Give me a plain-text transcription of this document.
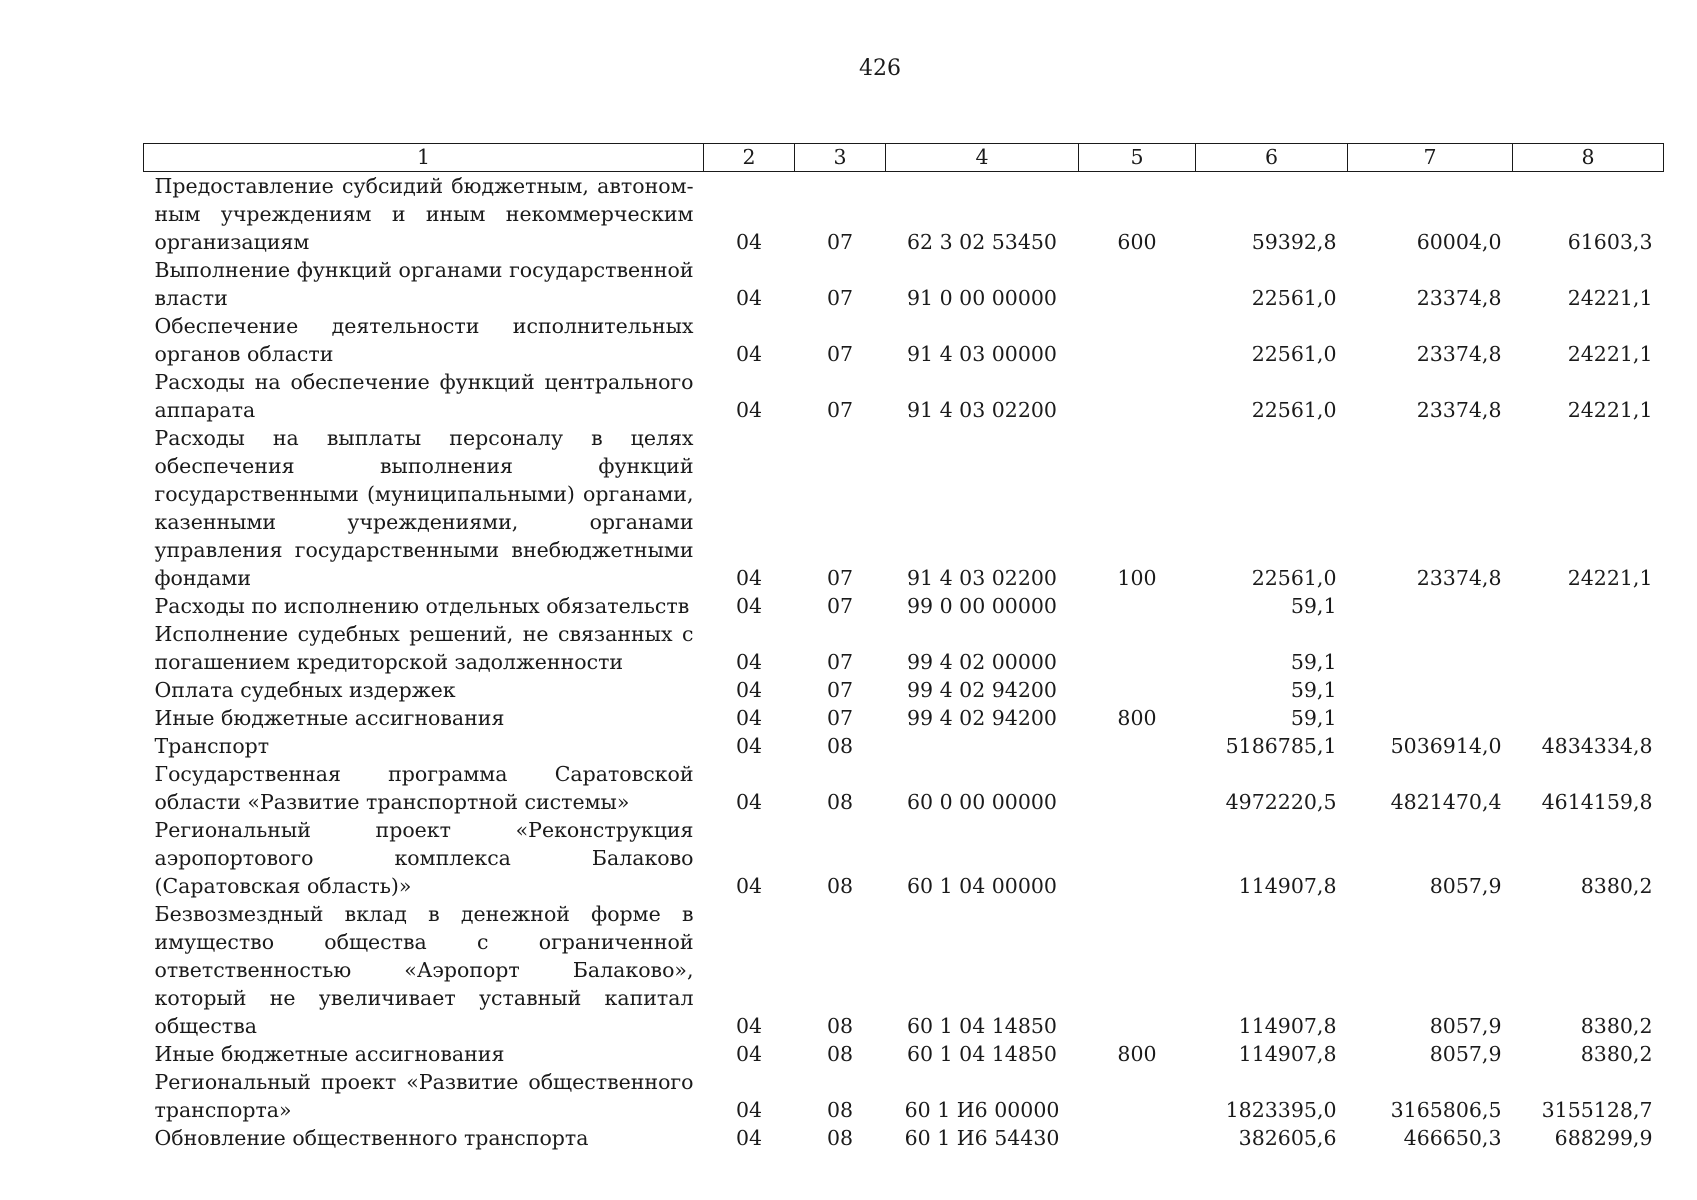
426
1	2	3	4	5	6	7	8
Предоставление субсидий бюджетным, автономным учреждениям и иным некоммерческим организациям	04	07	62 3 02 53450	600	59392,8	60004,0	61603,3
Выполнение функций органами государственной власти	04	07	91 0 00 00000		22561,0	23374,8	24221,1
Обеспечение деятельности исполнительных органов области	04	07	91 4 03 00000		22561,0	23374,8	24221,1
Расходы на обеспечение функций центрального аппарата	04	07	91 4 03 02200		22561,0	23374,8	24221,1
Расходы на выплаты персоналу в целях обеспечения выполнения функций государственными (муниципальными) органами, казенными учреждениями, органами управления государственными внебюджетными фондами	04	07	91 4 03 02200	100	22561,0	23374,8	24221,1
Расходы по исполнению отдельных обязательств	04	07	99 0 00 00000		59,1		
Исполнение судебных решений, не связанных с погашением кредиторской задолженности	04	07	99 4 02 00000		59,1		
Оплата судебных издержек	04	07	99 4 02 94200		59,1		
Иные бюджетные ассигнования	04	07	99 4 02 94200	800	59,1		
Транспорт	04	08			5186785,1	5036914,0	4834334,8
Государственная программа Саратовской области «Развитие транспортной системы»	04	08	60 0 00 00000		4972220,5	4821470,4	4614159,8
Региональный проект «Реконструкция аэропортового комплекса Балаково (Саратовская область)»	04	08	60 1 04 00000		114907,8	8057,9	8380,2
Безвозмездный вклад в денежной форме в имущество общества с ограниченной ответственностью «Аэропорт Балаково», который не увеличивает уставный капитал общества	04	08	60 1 04 14850		114907,8	8057,9	8380,2
Иные бюджетные ассигнования	04	08	60 1 04 14850	800	114907,8	8057,9	8380,2
Региональный проект «Развитие общественного транспорта»	04	08	60 1 И6 00000		1823395,0	3165806,5	3155128,7
Обновление общественного транспорта	04	08	60 1 И6 54430		382605,6	466650,3	688299,9
